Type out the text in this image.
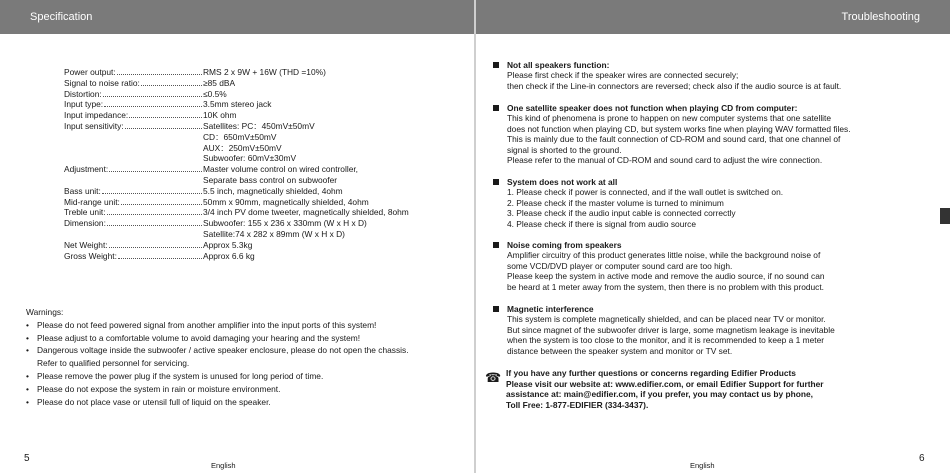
Specification
Power output:	RMS 2 x 9W + 16W (THD =10%)
Signal to noise ratio:	≥85 dBA
Distortion:	≤0.5%
Input type:	3.5mm stereo jack
Input impedance:	10K ohm
Input sensitivity:	Satellites: PC：450mV±50mV
CD：650mV±50mV
AUX：250mV±50mV
Subwoofer: 60mV±30mV
Adjustment:	Master volume control on wired controller,
Separate bass control on subwoofer
Bass unit:	5.5 inch, magnetically shielded, 4ohm
Mid-range unit:	50mm x 90mm, magnetically shielded, 4ohm
Treble unit:	3/4 inch PV dome tweeter, magnetically shielded, 8ohm
Dimension:	Subwoofer: 155 x 236 x 330mm (W x H x D)
Satellite:74 x 282 x 89mm (W x H x D)
Net Weight:	Approx 5.3kg
Gross Weight:	Approx 6.6 kg
Warnings:
• Please do not feed powered signal from another amplifier into the input ports of this system!
• Please adjust to a comfortable volume to avoid damaging your hearing and the system!
• Dangerous voltage inside the subwoofer / active speaker enclosure, please do not open the chassis.
Refer to qualified personnel for servicing.
• Please remove the power plug if the system is unused for long period of time.
• Please do not expose the system in rain or moisture environment.
• Please do not place vase or utensil full of liquid on the speaker.
5
English
Troubleshooting
Not all speakers function:
Please first check if the speaker wires are connected securely;
then check if the Line-in connectors are reversed; check also if the audio source is at fault.
One satellite speaker does not function when playing CD from computer:
This kind of phenomena is prone to happen on new computer systems that one satellite
does not function when playing CD, but system works fine when playing WAV formatted files.
This is mainly due to the fault connection of CD-ROM and sound card, that one channel of
signal is shorted to the ground.
Please refer to the manual of CD-ROM and sound card to adjust the wire connection.
System does not work at all
1. Please check if power is connected, and if the wall outlet is switched on.
2. Please check if the master volume is turned to minimum
3. Please check if the audio input cable is connected correctly
4. Please check if there is signal from audio source
Noise coming from speakers
Amplifier circuitry of this product generates little noise, while the background noise of
some VCD/DVD player or computer sound card are too high.
Please keep the system in active mode and remove the audio source, if no sound can
be heard at 1 meter away from the system, then there is no problem with this product.
Magnetic interference
This system is complete magnetically shielded, and can be placed near TV or monitor.
But since magnet of the subwoofer driver is large, some magnetism leakage is inevitable
when the system is too close to the monitor, and it is recommended to keep a 1 meter
distance between the speaker system and monitor or TV set.
☎ If you have any further questions or concerns regarding Edifier Products
Please visit our website at: www.edifier.com, or email Edifier Support for further
assistance at: main@edifier.com, if you prefer, you may contact us by phone,
Toll Free: 1-877-EDIFIER (334-3437).
6
English
